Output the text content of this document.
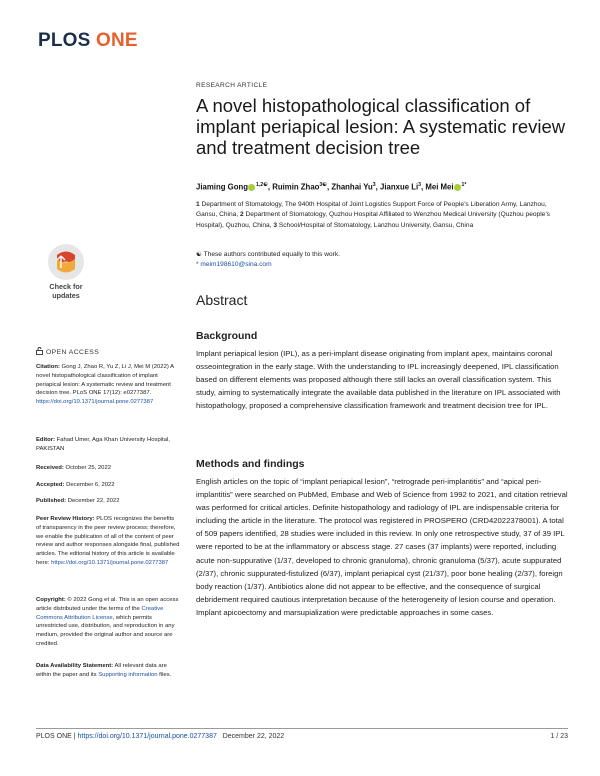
PLOS ONE
RESEARCH ARTICLE
A novel histopathological classification of implant periapical lesion: A systematic review and treatment decision tree
Jiaming Gong $^{1,2☯}$, Ruimin Zhao$^{3☯}$, Zhanhai Yu$^3$, Jianxue Li$^3$, Mei Mei $^{1*}$
1 Department of Stomatology, The 940th Hospital of Joint Logistics Support Force of People’s Liberation Army, Lanzhou, Gansu, China, 2 Department of Stomatology, Quzhou Hospital Affiliated to Wenzhou Medical University (Quzhou people’s Hospital), Quzhou, China, 3 School/Hospital of Stomatology, Lanzhou University, Gansu, China
☯ These authors contributed equally to this work.
* meim198610@sina.com
Abstract
Background
Implant periapical lesion (IPL), as a peri-implant disease originating from implant apex, maintains coronal osseointegration in the early stage. With the understanding to IPL increasingly deepened, IPL classification based on different elements was proposed although there still lacks an overall classification system. This study, aiming to systematically integrate the available data published in the literature on IPL associated with histopathology, proposed a comprehensive classification framework and treatment decision tree for IPL.
Methods and findings
English articles on the topic of “implant periapical lesion”, “retrograde peri-implantitis” and “apical peri-implantitis” were searched on PubMed, Embase and Web of Science from 1992 to 2021, and citation retrieval was performed for critical articles. Definite histopathology and radiology of IPL are indispensable criteria for including the article in the literature. The protocol was registered in PROSPERO (CRD42022378001). A total of 509 papers identified, 28 studies were included in this review. In only one retrospective study, 37 of 39 IPL were reported to be at the inflammatory or abscess stage. 27 cases (37 implants) were reported, including acute non-suppurative (1/37, developed to chronic granuloma), chronic granuloma (5/37), acute suppurated (2/37), chronic suppurated-fistulized (6/37), implant periapical cyst (21/37), poor bone healing (2/37), foreign body reaction (1/37). Antibiotics alone did not appear to be effective, and the consequence of surgical debridement required cautious interpretation because of the heterogeneity of lesion course and operation. Implant apicoectomy and marsupialization were predictable approaches in some cases.
Check for
updates
OPEN ACCESS
Citation: Gong J, Zhao R, Yu Z, Li J, Mei M (2022) A novel histopathological classification of implant periapical lesion: A systematic review and treatment decision tree. PLoS ONE 17(12): e0277387. https://doi.org/10.1371/journal.pone.0277387
Editor: Fahad Umer, Aga Khan University Hospital, PAKISTAN
Received: October 25, 2022
Accepted: December 6, 2022
Published: December 22, 2022
Peer Review History: PLOS recognizes the benefits of transparency in the peer review process; therefore, we enable the publication of all of the content of peer review and author responses alongside final, published articles. The editorial history of this article is available here: https://doi.org/10.1371/journal.pone.0277387
Copyright: © 2022 Gong et al. This is an open access article distributed under the terms of the Creative Commons Attribution License, which permits unrestricted use, distribution, and reproduction in any medium, provided the original author and source are credited.
Data Availability Statement: All relevant data are within the paper and its Supporting information files.
PLOS ONE | https://doi.org/10.1371/journal.pone.0277387 December 22, 2022	1 / 23
